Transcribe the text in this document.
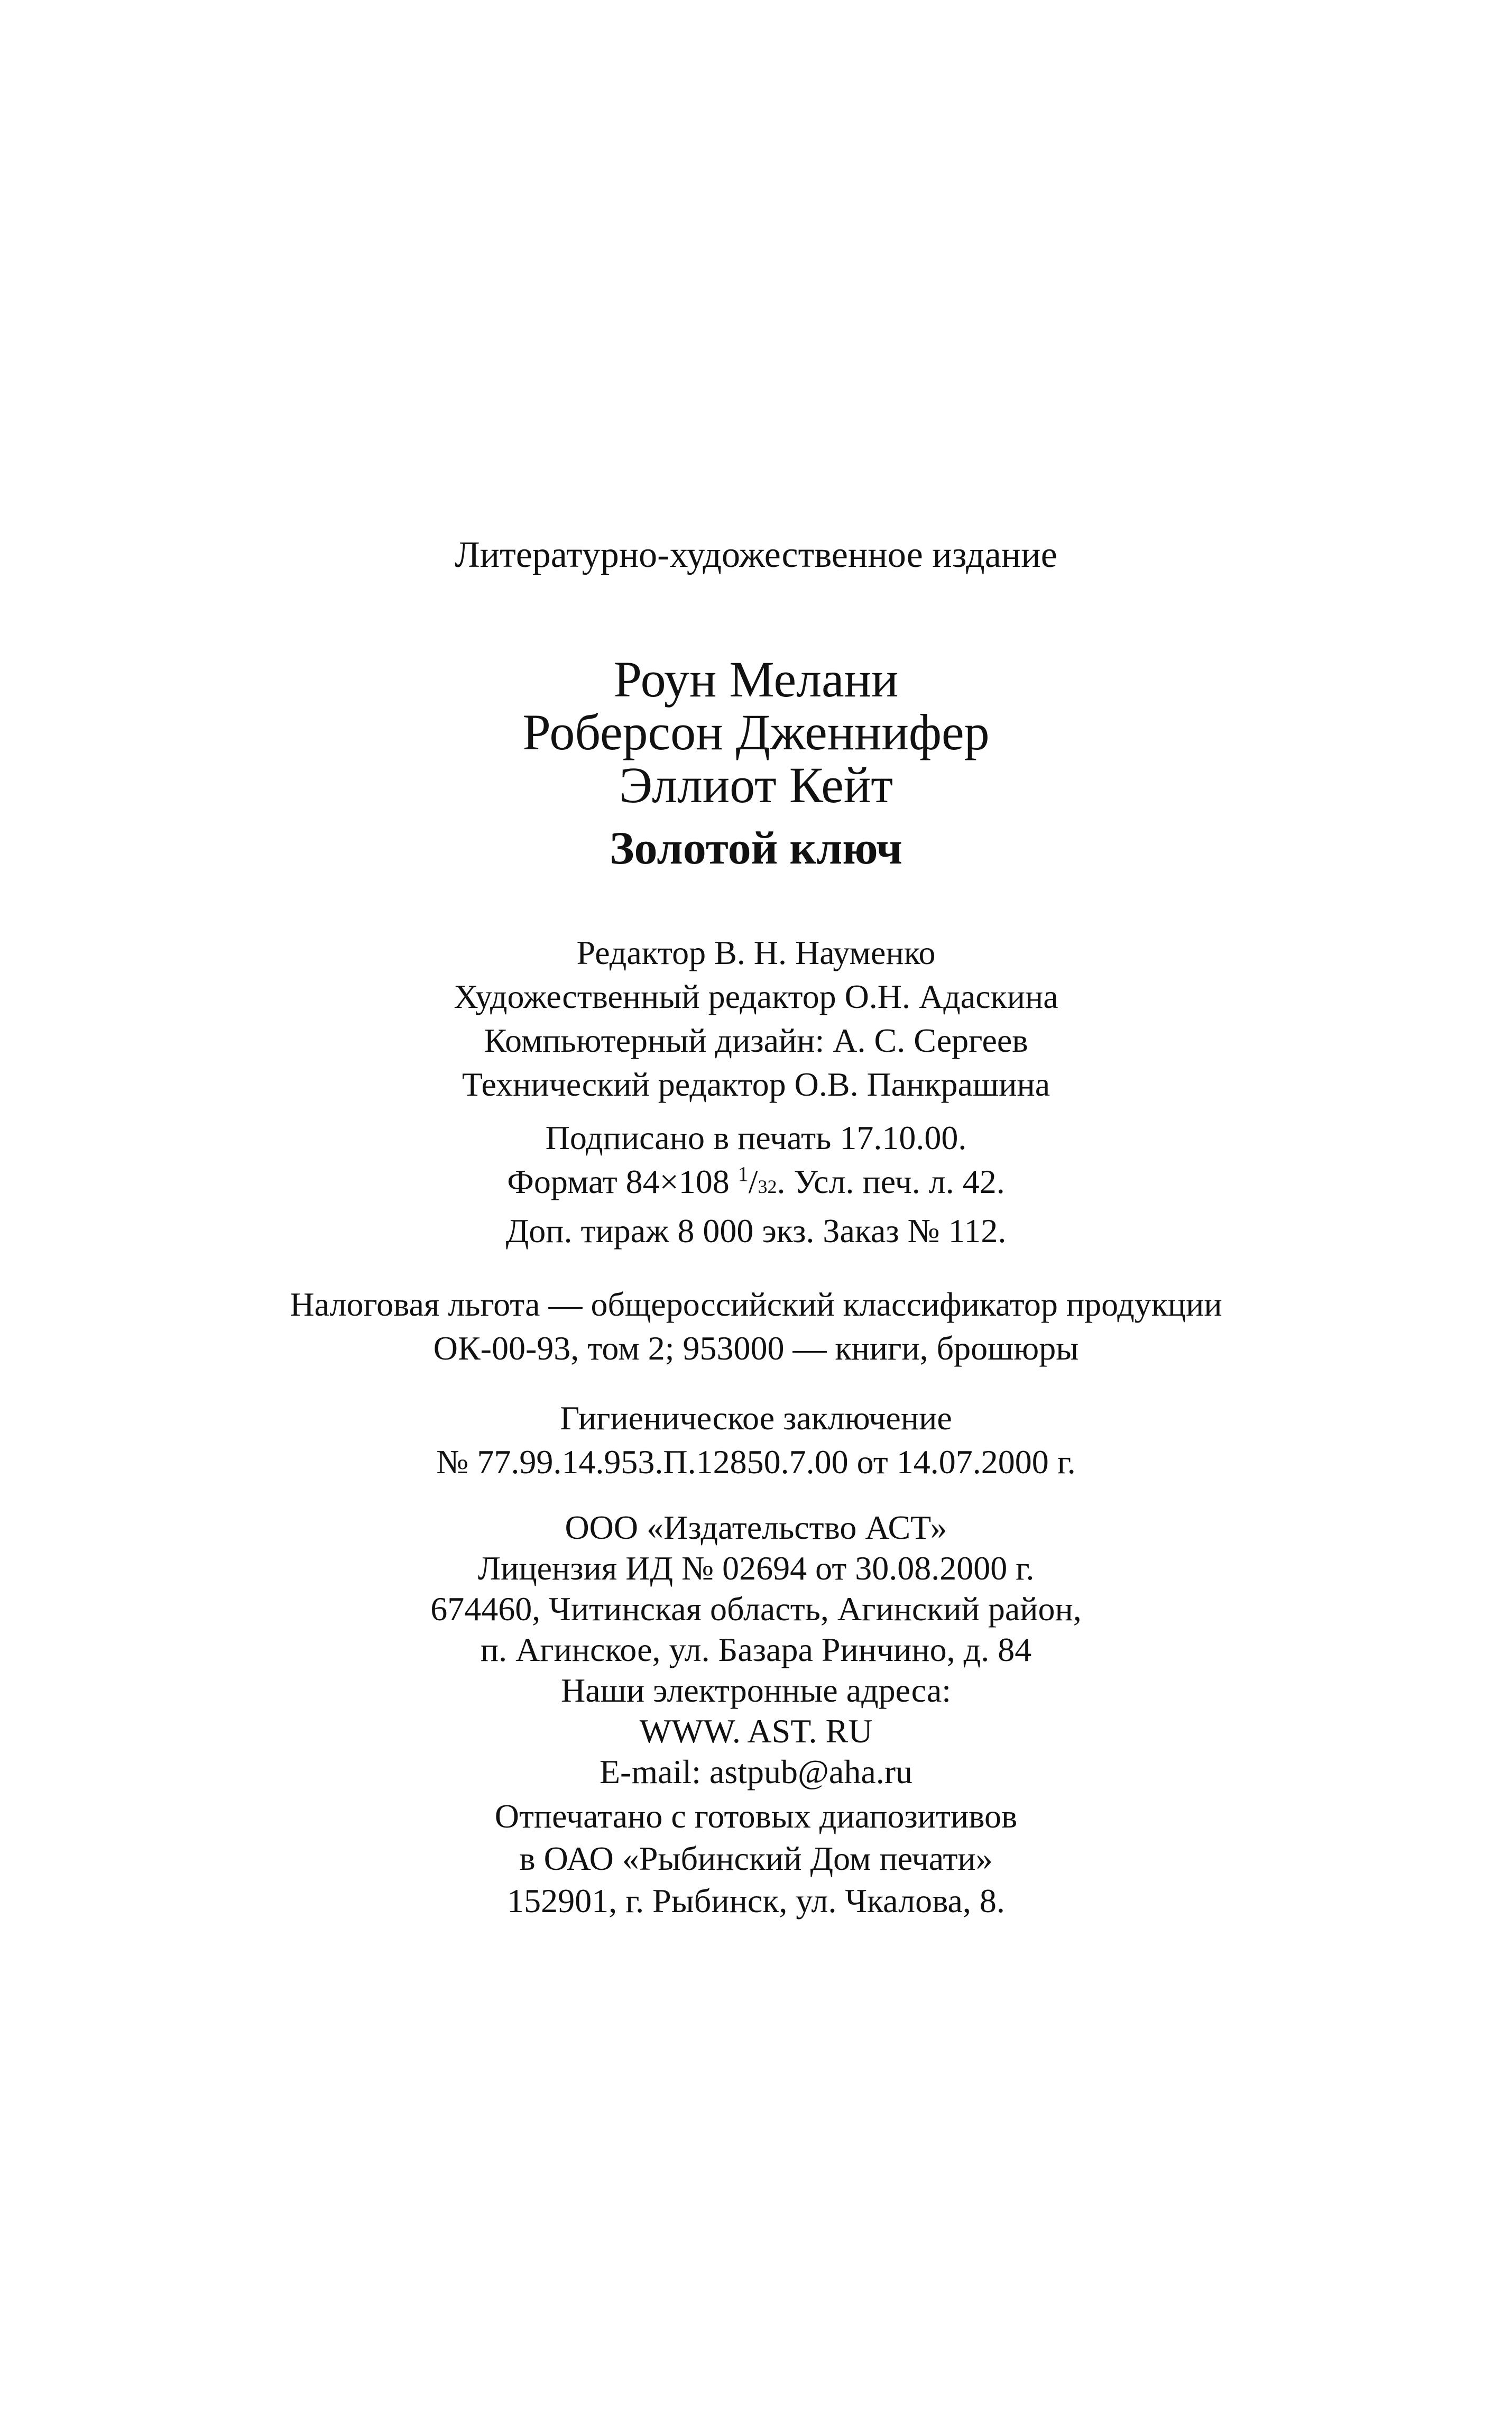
Литературно-художественное издание
Роун Мелани
Роберсон Дженнифер
Эллиот Кейт
Золотой ключ
Редактор В. Н. Науменко
Художественный редактор О.Н. Адаскина
Компьютерный дизайн: А. С. Сергеев
Технический редактор О.В. Панкрашина
Подписано в печать 17.10.00.
Формат 84×108 $^1$/32. Усл. печ. л. 42.
Доп. тираж 8 000 экз. Заказ № 112.
Налоговая льгота — общероссийский классификатор продукции
ОК-00-93, том 2; 953000 — книги, брошюры
Гигиеническое заключение
№ 77.99.14.953.П.12850.7.00 от 14.07.2000 г.
ООО «Издательство АСТ»
Лицензия ИД № 02694 от 30.08.2000 г.
674460, Читинская область, Агинский район,
п. Агинское, ул. Базара Ринчино, д. 84
Наши электронные адреса:
WWW. AST. RU
E-mail: astpub@aha.ru
Отпечатано с готовых диапозитивов
в ОАО «Рыбинский Дом печати»
152901, г. Рыбинск, ул. Чкалова, 8.
